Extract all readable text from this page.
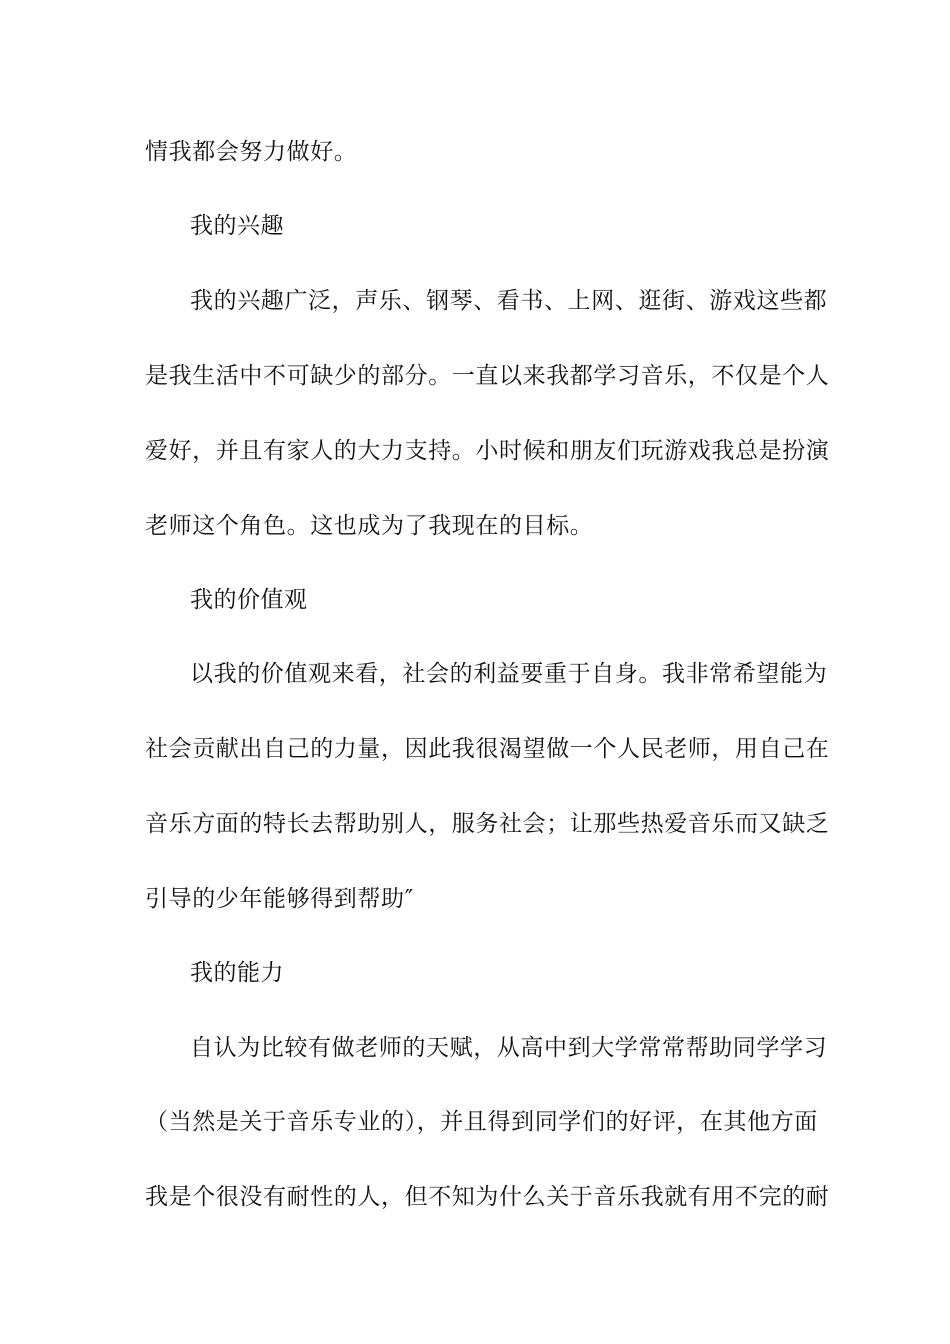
情我都会努力做好。
我的兴趣
我的兴趣广泛，声乐、钢琴、看书、上网、逛街、游戏这些都
是我生活中不可缺少的部分。一直以来我都学习音乐，不仅是个人
爱好，并且有家人的大力支持。小时候和朋友们玩游戏我总是扮演
老师这个角色。这也成为了我现在的目标。
我的价值观
以我的价值观来看，社会的利益要重于自身。我非常希望能为
社会贡献出自己的力量，因此我很渴望做一个人民老师，用自己在
音乐方面的特长去帮助别人，服务社会；让那些热爱音乐而又缺乏
引导的少年能够得到帮助″
我的能力
自认为比较有做老师的天赋，从高中到大学常常帮助同学学习
（当然是关于音乐专业的），并且得到同学们的好评，在其他方面
我是个很没有耐性的人，但不知为什么关于音乐我就有用不完的耐
